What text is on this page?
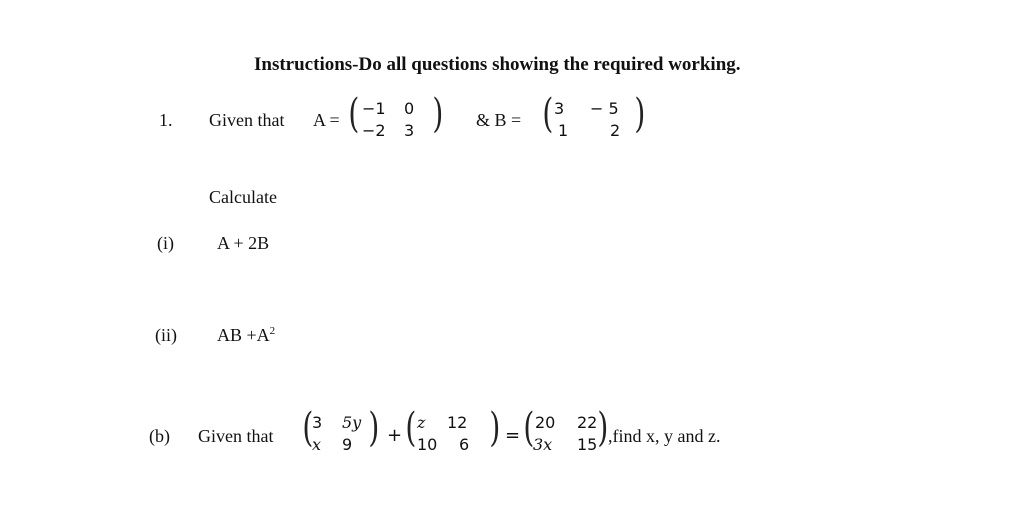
Instructions-Do all questions showing the required working.
1. Given that A = ( −1 0
−2 3 ) & B = ( 3 − 5
1	2 )
Calculate
(i) A + 2B
(ii) AB $+A^2$
(b) Given that (
3 5y
x 9 ) + ( z 12
10 6 ) = ( 20 22
3x 15 ) ,find x, y and z.
